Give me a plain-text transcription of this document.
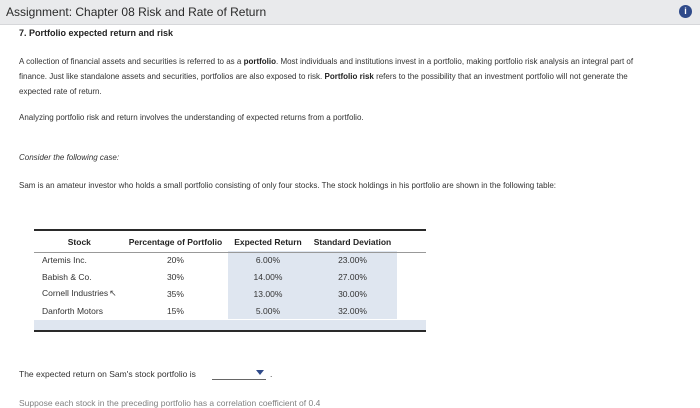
Assignment: Chapter 08 Risk and Rate of Return	i
7. Portfolio expected return and risk
A collection of financial assets and securities is referred to as a portfolio. Most individuals and institutions invest in a portfolio, making portfolio risk analysis an integral part of finance. Just like standalone assets and securities, portfolios are also exposed to risk. Portfolio risk refers to the possibility that an investment portfolio will not generate the expected rate of return.
Analyzing portfolio risk and return involves the understanding of expected returns from a portfolio.
Consider the following case:
Sam is an amateur investor who holds a small portfolio consisting of only four stocks. The stock holdings in his portfolio are shown in the following table:
Stock	Percentage of Portfolio	Expected Return	Standard Deviation
Artemis Inc.	20%	6.00%	23.00%
Babish & Co.	30%	14.00%	27.00%
Cornell Industries↖	35%	13.00%	30.00%
Danforth Motors	15%	5.00%	32.00%
The expected return on Sam's stock portfolio is	.
Suppose each stock in the preceding portfolio has a correlation coefficient of 0.4
